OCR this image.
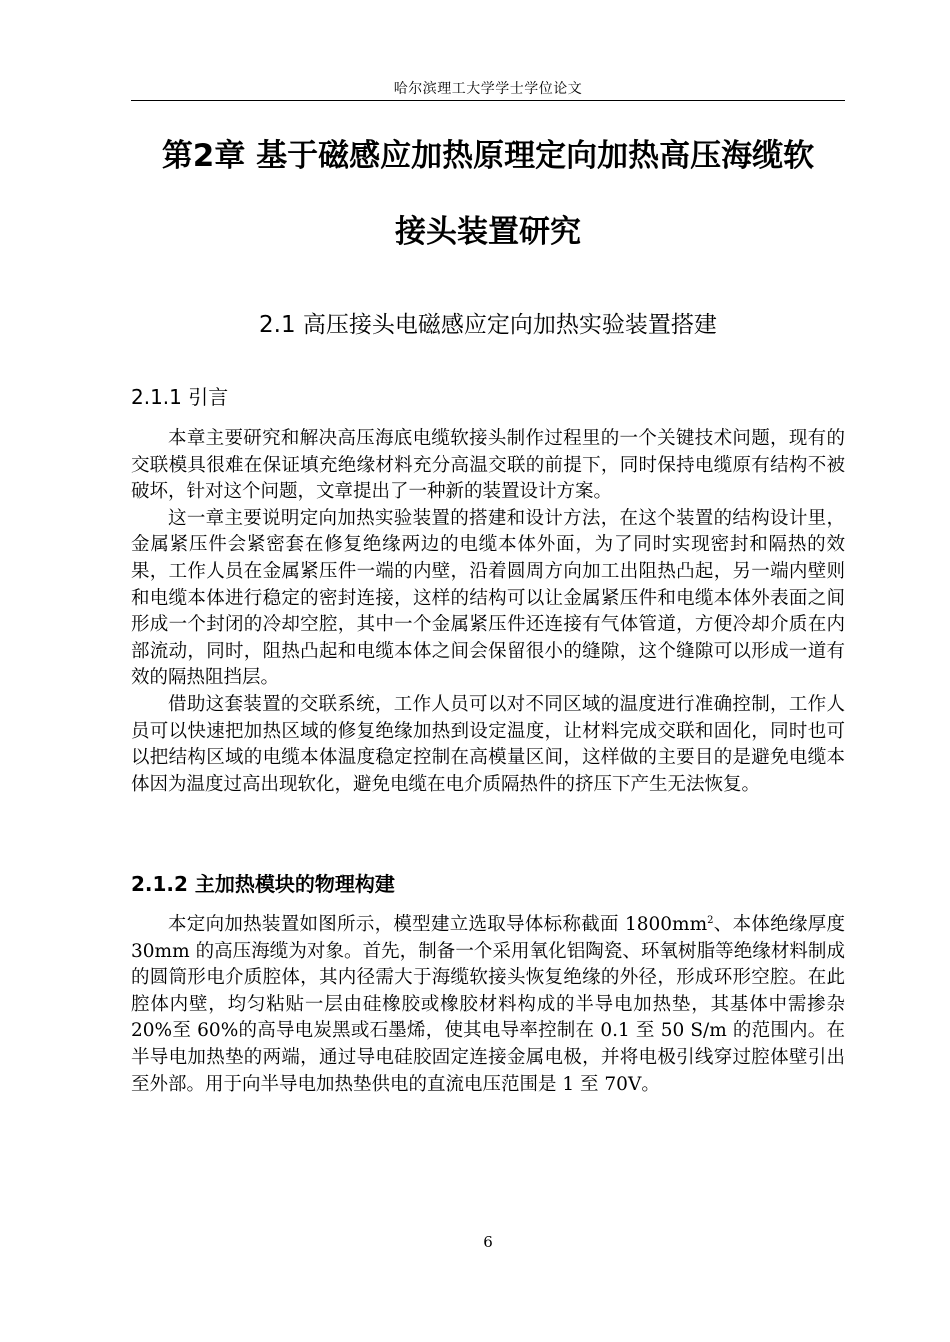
哈尔滨理工大学学士学位论文
第2章 基于磁感应加热原理定向加热高压海缆软
接头装置研究
2.1 高压接头电磁感应定向加热实验装置搭建
2.1.1 引言

本章主要研究和解决高压海底电缆软接头制作过程里的一个关键技术问题，现有的交联模具很难在保证填充绝缘材料充分高温交联的前提下，同时保持电缆原有结构不被破坏，针对这个问题，文章提出了一种新的装置设计方案。

这一章主要说明定向加热实验装置的搭建和设计方法，在这个装置的结构设计里，金属紧压件会紧密套在修复绝缘两边的电缆本体外面，为了同时实现密封和隔热的效果，工作人员在金属紧压件一端的内壁，沿着圆周方向加工出阻热凸起，另一端内壁则和电缆本体进行稳定的密封连接，这样的结构可以让金属紧压件和电缆本体外表面之间形成一个封闭的冷却空腔，其中一个金属紧压件还连接有气体管道，方便冷却介质在内部流动，同时，阻热凸起和电缆本体之间会保留很小的缝隙，这个缝隙可以形成一道有效的隔热阻挡层。

借助这套装置的交联系统，工作人员可以对不同区域的温度进行准确控制，工作人员可以快速把加热区域的修复绝缘加热到设定温度，让材料完成交联和固化，同时也可以把结构区域的电缆本体温度稳定控制在高模量区间，这样做的主要目的是避免电缆本体因为温度过高出现软化，避免电缆在电介质隔热件的挤压下产生无法恢复。

2.1.2 主加热模块的物理构建

本定向加热装置如图所示，模型建立选取导体标称截面 $1800mm^2$、本体绝缘厚度 30mm 的高压海缆为对象。首先，制备一个采用氧化铝陶瓷、环氧树脂等绝缘材料制成的圆筒形电介质腔体，其内径需大于海缆软接头恢复绝缘的外径，形成环形空腔。在此腔体内壁，均匀粘贴一层由硅橡胶或橡胶材料构成的半导电加热垫，其基体中需掺杂 20%至 60%的高导电炭黑或石墨烯，使其电导率控制在 0.1 至 50 S/m 的范围内。在半导电加热垫的两端，通过导电硅胶固定连接金属电极，并将电极引线穿过腔体壁引出至外部。用于向半导电加热垫供电的直流电压范围是 1 至 70V。

6
